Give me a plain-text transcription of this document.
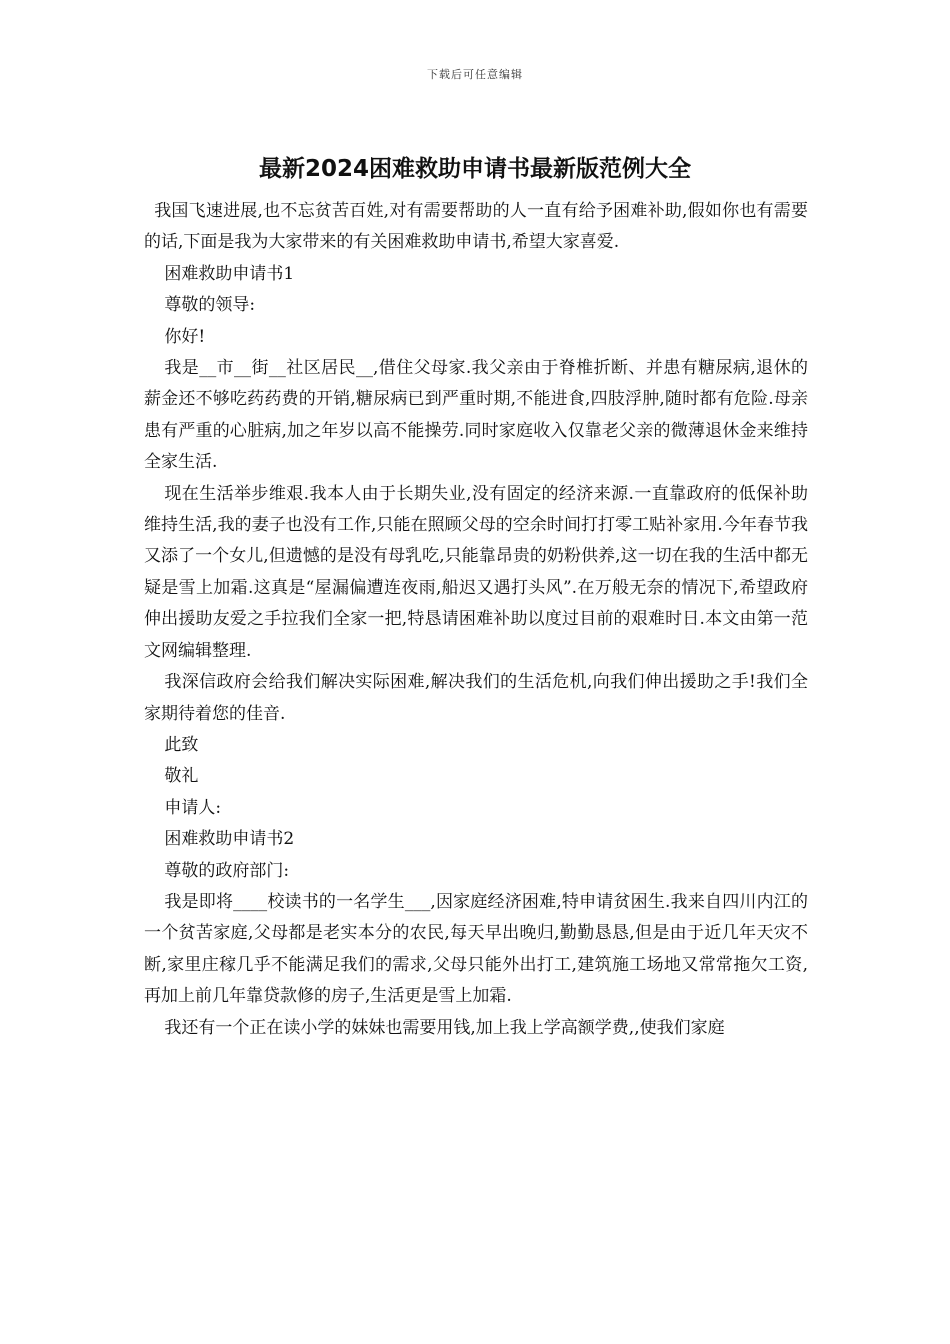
下载后可任意编辑
最新2024困难救助申请书最新版范例大全

我国飞速进展,也不忘贫苦百姓,对有需要帮助的人一直有给予困难补助,假如你也有需要的话,下面是我为大家带来的有关困难救助申请书,希望大家喜爱.

困难救助申请书1

尊敬的领导:

你好!

我是__市__街__社区居民__,借住父母家.我父亲由于脊椎折断、并患有糖尿病,退休的薪金还不够吃药药费的开销,糖尿病已到严重时期,不能进食,四肢浮肿,随时都有危险.母亲患有严重的心脏病,加之年岁以高不能操劳.同时家庭收入仅靠老父亲的微薄退休金来维持全家生活.

现在生活举步维艰.我本人由于长期失业,没有固定的经济来源.一直靠政府的低保补助维持生活,我的妻子也没有工作,只能在照顾父母的空余时间打打零工贴补家用.今年春节我又添了一个女儿,但遗憾的是没有母乳吃,只能靠昂贵的奶粉供养,这一切在我的生活中都无疑是雪上加霜.这真是“屋漏偏遭连夜雨,船迟又遇打头风”.在万般无奈的情况下,希望政府伸出援助友爱之手拉我们全家一把,特恳请困难补助以度过目前的艰难时日.本文由第一范文网编辑整理.

我深信政府会给我们解决实际困难,解决我们的生活危机,向我们伸出援助之手!我们全家期待着您的佳音.

此致

敬礼

申请人:

困难救助申请书2

尊敬的政府部门:

我是即将____校读书的一名学生___,因家庭经济困难,特申请贫困生.我来自四川内江的一个贫苦家庭,父母都是老实本分的农民,每天早出晚归,勤勤恳恳,但是由于近几年天灾不断,家里庄稼几乎不能满足我们的需求,父母只能外出打工,建筑施工场地又常常拖欠工资,再加上前几年靠贷款修的房子,生活更是雪上加霜.

我还有一个正在读小学的妹妹也需要用钱,加上我上学高额学费,,使我们家庭
